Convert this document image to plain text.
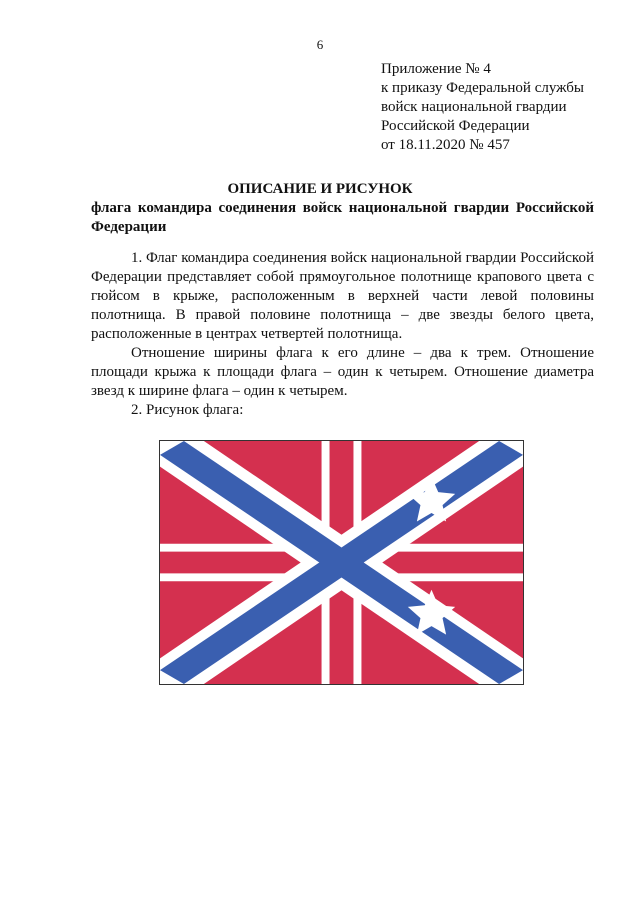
6
Приложение № 4
к приказу Федеральной службы
войск национальной гвардии
Российской Федерации
от 18.11.2020 № 457
ОПИСАНИЕ И РИСУНОК
флага командира соединения войск национальной гвардии Российской Федерации

1. Флаг командира соединения войск национальной гвардии Российской Федерации представляет собой прямоугольное полотнище крапового цвета с гюйсом в крыже, расположенным в верхней части левой половины полотнища. В правой половине полотнища – две звезды белого цвета, расположенные в центрах четвертей полотнища.

Отношение ширины флага к его длине – два к трем. Отношение площади крыжа к площади флага – один к четырем. Отношение диаметра звезд к ширине флага – один к четырем.

2. Рисунок флага:
